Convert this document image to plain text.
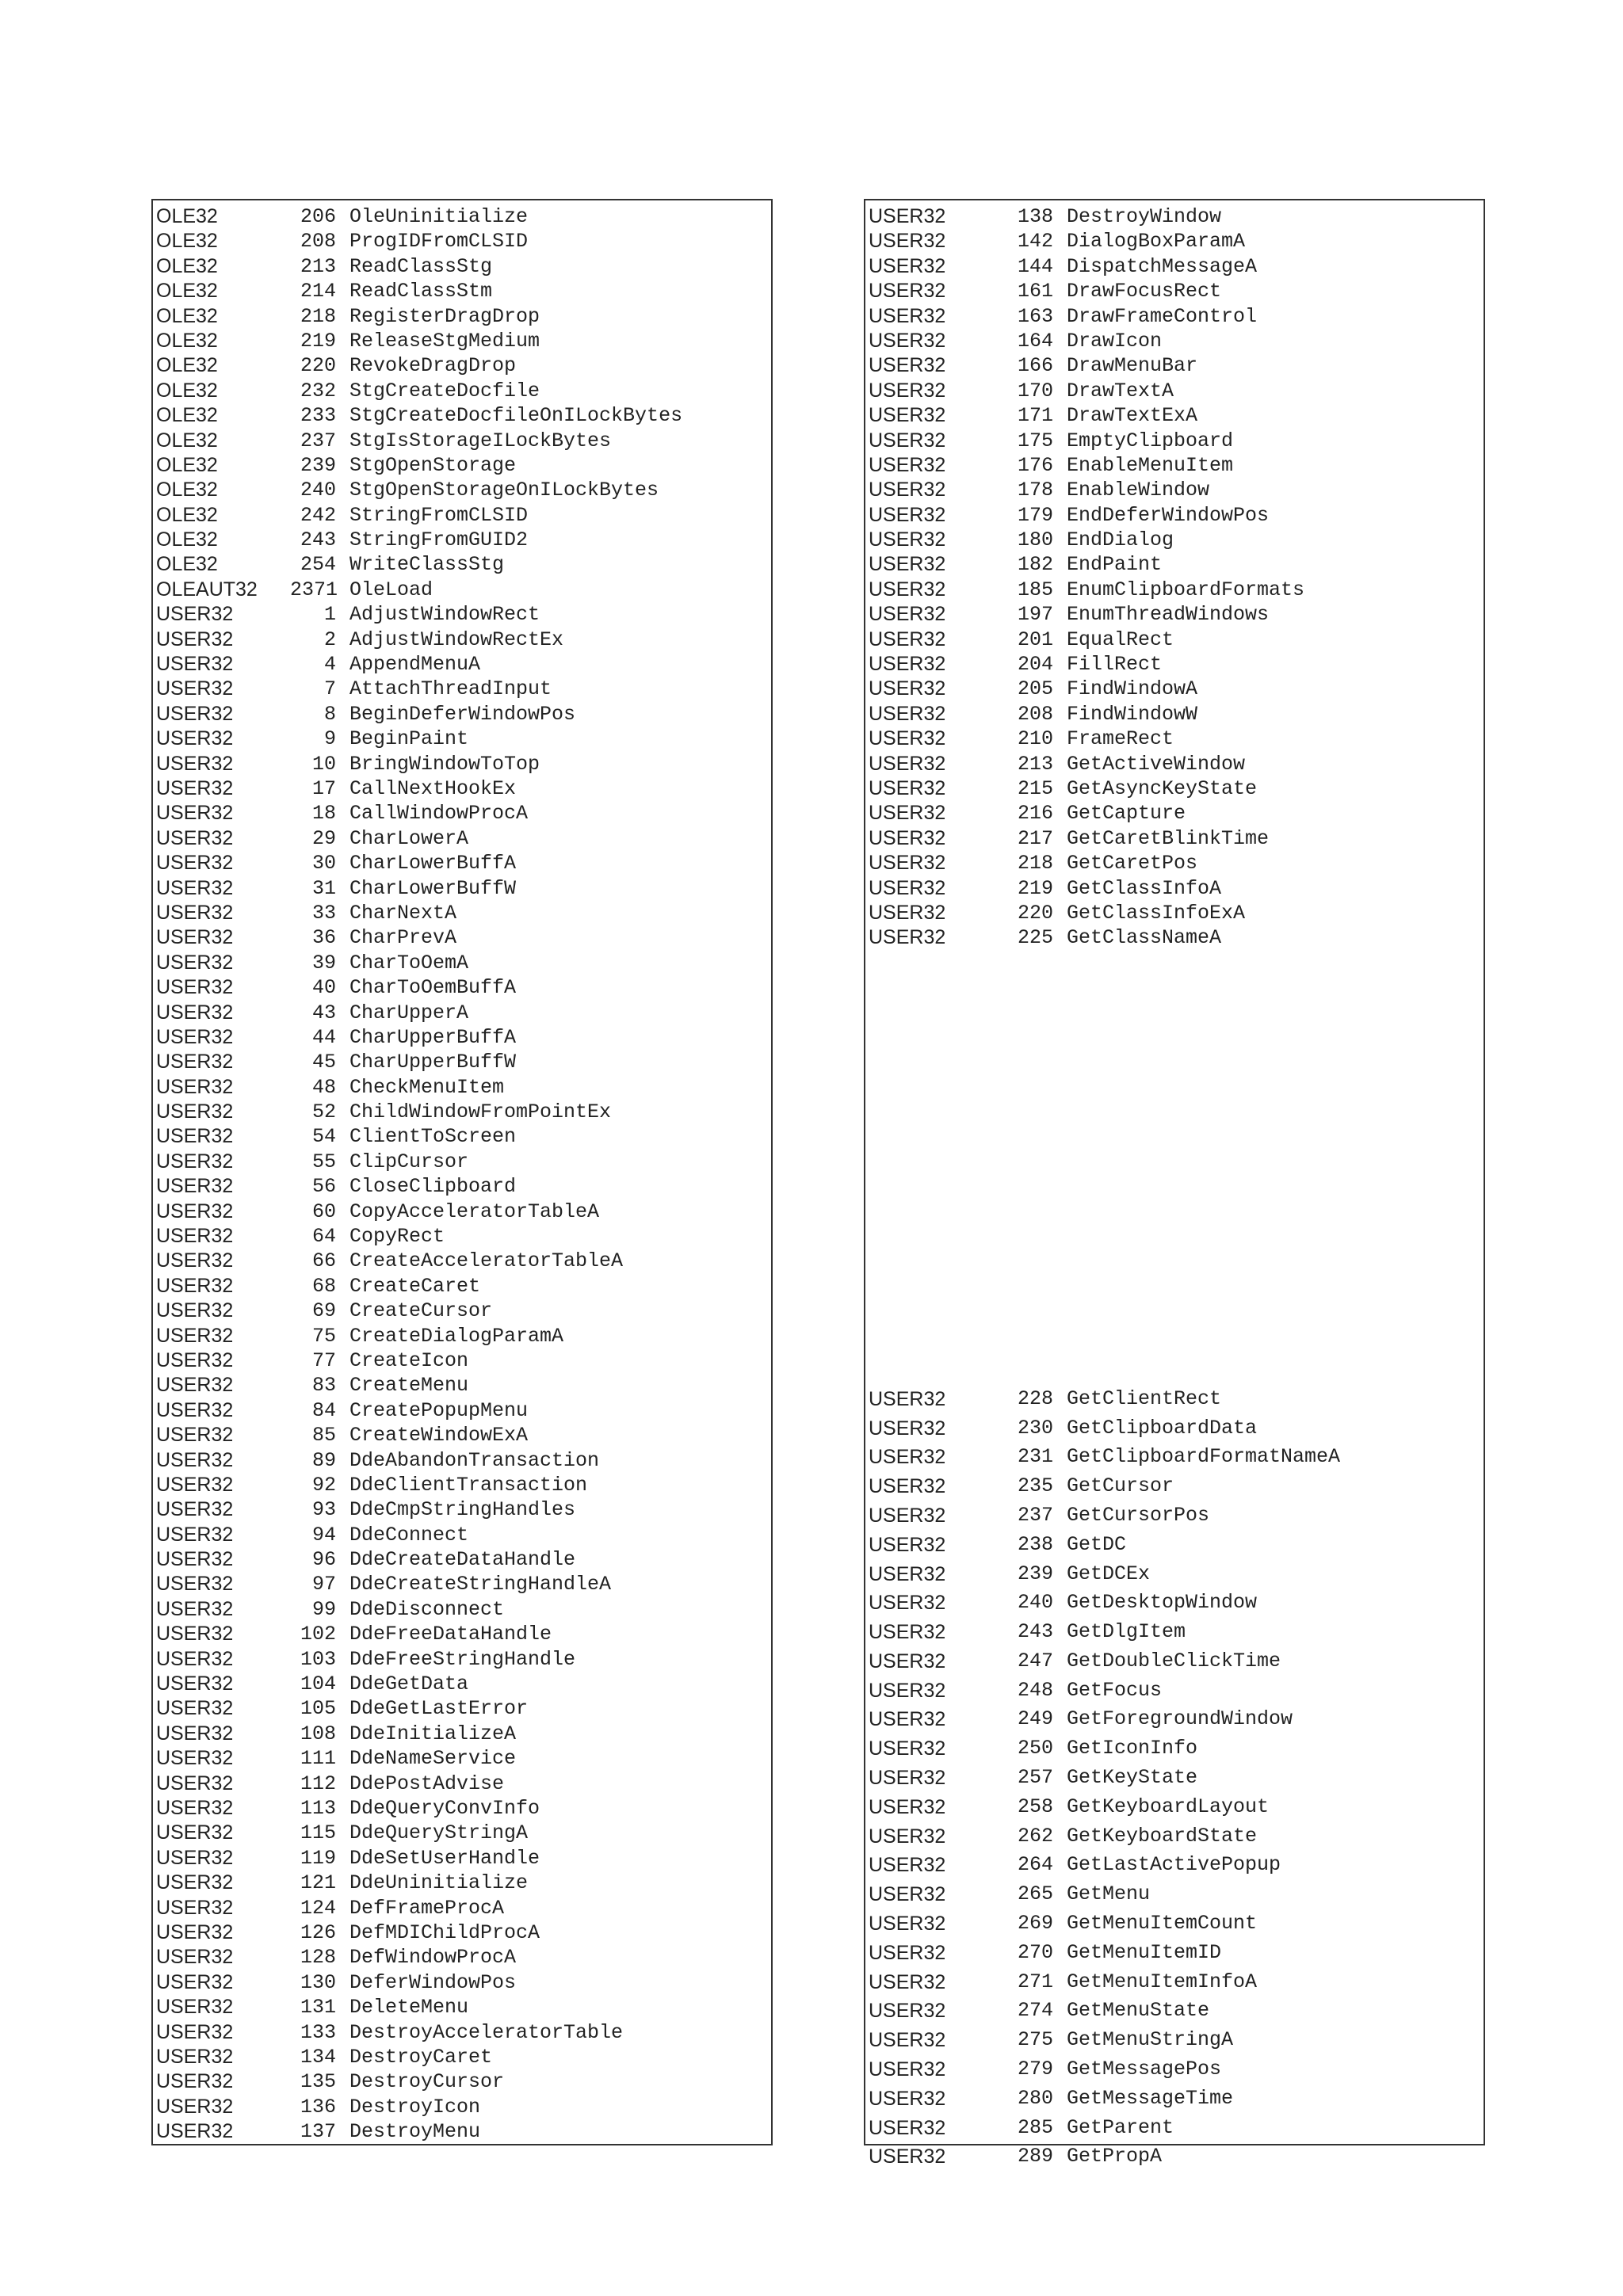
OLE32	206 OleUninitialize
OLE32	208 ProgIDFromCLSID
OLE32	213 ReadClassStg
OLE32	214 ReadClassStm
OLE32	218 RegisterDragDrop
OLE32	219 ReleaseStgMedium
OLE32	220 RevokeDragDrop
OLE32	232 StgCreateDocfile
OLE32	233 StgCreateDocfileOnILockBytes
OLE32	237 StgIsStorageILockBytes
OLE32	239 StgOpenStorage
OLE32	240 StgOpenStorageOnILockBytes
OLE32	242 StringFromCLSID
OLE32	243 StringFromGUID2
OLE32	254 WriteClassStg
OLEAUT32	2371 OleLoad
USER32	1 AdjustWindowRect
USER32	2 AdjustWindowRectEx
USER32	4 AppendMenuA
USER32	7 AttachThreadInput
USER32	8 BeginDeferWindowPos
USER32	9 BeginPaint
USER32	10 BringWindowToTop
USER32	17 CallNextHookEx
USER32	18 CallWindowProcA
USER32	29 CharLowerA
USER32	30 CharLowerBuffA
USER32	31 CharLowerBuffW
USER32	33 CharNextA
USER32	36 CharPrevA
USER32	39 CharToOemA
USER32	40 CharToOemBuffA
USER32	43 CharUpperA
USER32	44 CharUpperBuffA
USER32	45 CharUpperBuffW
USER32	48 CheckMenuItem
USER32	52 ChildWindowFromPointEx
USER32	54 ClientToScreen
USER32	55 ClipCursor
USER32	56 CloseClipboard
USER32	60 CopyAcceleratorTableA
USER32	64 CopyRect
USER32	66 CreateAcceleratorTableA
USER32	68 CreateCaret
USER32	69 CreateCursor
USER32	75 CreateDialogParamA
USER32	77 CreateIcon
USER32	83 CreateMenu
USER32	84 CreatePopupMenu
USER32	85 CreateWindowExA
USER32	89 DdeAbandonTransaction
USER32	92 DdeClientTransaction
USER32	93 DdeCmpStringHandles
USER32	94 DdeConnect
USER32	96 DdeCreateDataHandle
USER32	97 DdeCreateStringHandleA
USER32	99 DdeDisconnect
USER32	102 DdeFreeDataHandle
USER32	103 DdeFreeStringHandle
USER32	104 DdeGetData
USER32	105 DdeGetLastError
USER32	108 DdeInitializeA
USER32	111 DdeNameService
USER32	112 DdePostAdvise
USER32	113 DdeQueryConvInfo
USER32	115 DdeQueryStringA
USER32	119 DdeSetUserHandle
USER32	121 DdeUninitialize
USER32	124 DefFrameProcA
USER32	126 DefMDIChildProcA
USER32	128 DefWindowProcA
USER32	130 DeferWindowPos
USER32	131 DeleteMenu
USER32	133 DestroyAcceleratorTable
USER32	134 DestroyCaret
USER32	135 DestroyCursor
USER32	136 DestroyIcon
USER32	137 DestroyMenu
USER32	138 DestroyWindow
USER32	142 DialogBoxParamA
USER32	144 DispatchMessageA
USER32	161 DrawFocusRect
USER32	163 DrawFrameControl
USER32	164 DrawIcon
USER32	166 DrawMenuBar
USER32	170 DrawTextA
USER32	171 DrawTextExA
USER32	175 EmptyClipboard
USER32	176 EnableMenuItem
USER32	178 EnableWindow
USER32	179 EndDeferWindowPos
USER32	180 EndDialog
USER32	182 EndPaint
USER32	185 EnumClipboardFormats
USER32	197 EnumThreadWindows
USER32	201 EqualRect
USER32	204 FillRect
USER32	205 FindWindowA
USER32	208 FindWindowW
USER32	210 FrameRect
USER32	213 GetActiveWindow
USER32	215 GetAsyncKeyState
USER32	216 GetCapture
USER32	217 GetCaretBlinkTime
USER32	218 GetCaretPos
USER32	219 GetClassInfoA
USER32	220 GetClassInfoExA
USER32	225 GetClassNameA
USER32	228 GetClientRect
USER32	230 GetClipboardData
USER32	231 GetClipboardFormatNameA
USER32	235 GetCursor
USER32	237 GetCursorPos
USER32	238 GetDC
USER32	239 GetDCEx
USER32	240 GetDesktopWindow
USER32	243 GetDlgItem
USER32	247 GetDoubleClickTime
USER32	248 GetFocus
USER32	249 GetForegroundWindow
USER32	250 GetIconInfo
USER32	257 GetKeyState
USER32	258 GetKeyboardLayout
USER32	262 GetKeyboardState
USER32	264 GetLastActivePopup
USER32	265 GetMenu
USER32	269 GetMenuItemCount
USER32	270 GetMenuItemID
USER32	271 GetMenuItemInfoA
USER32	274 GetMenuState
USER32	275 GetMenuStringA
USER32	279 GetMessagePos
USER32	280 GetMessageTime
USER32	285 GetParent
USER32	289 GetPropA
